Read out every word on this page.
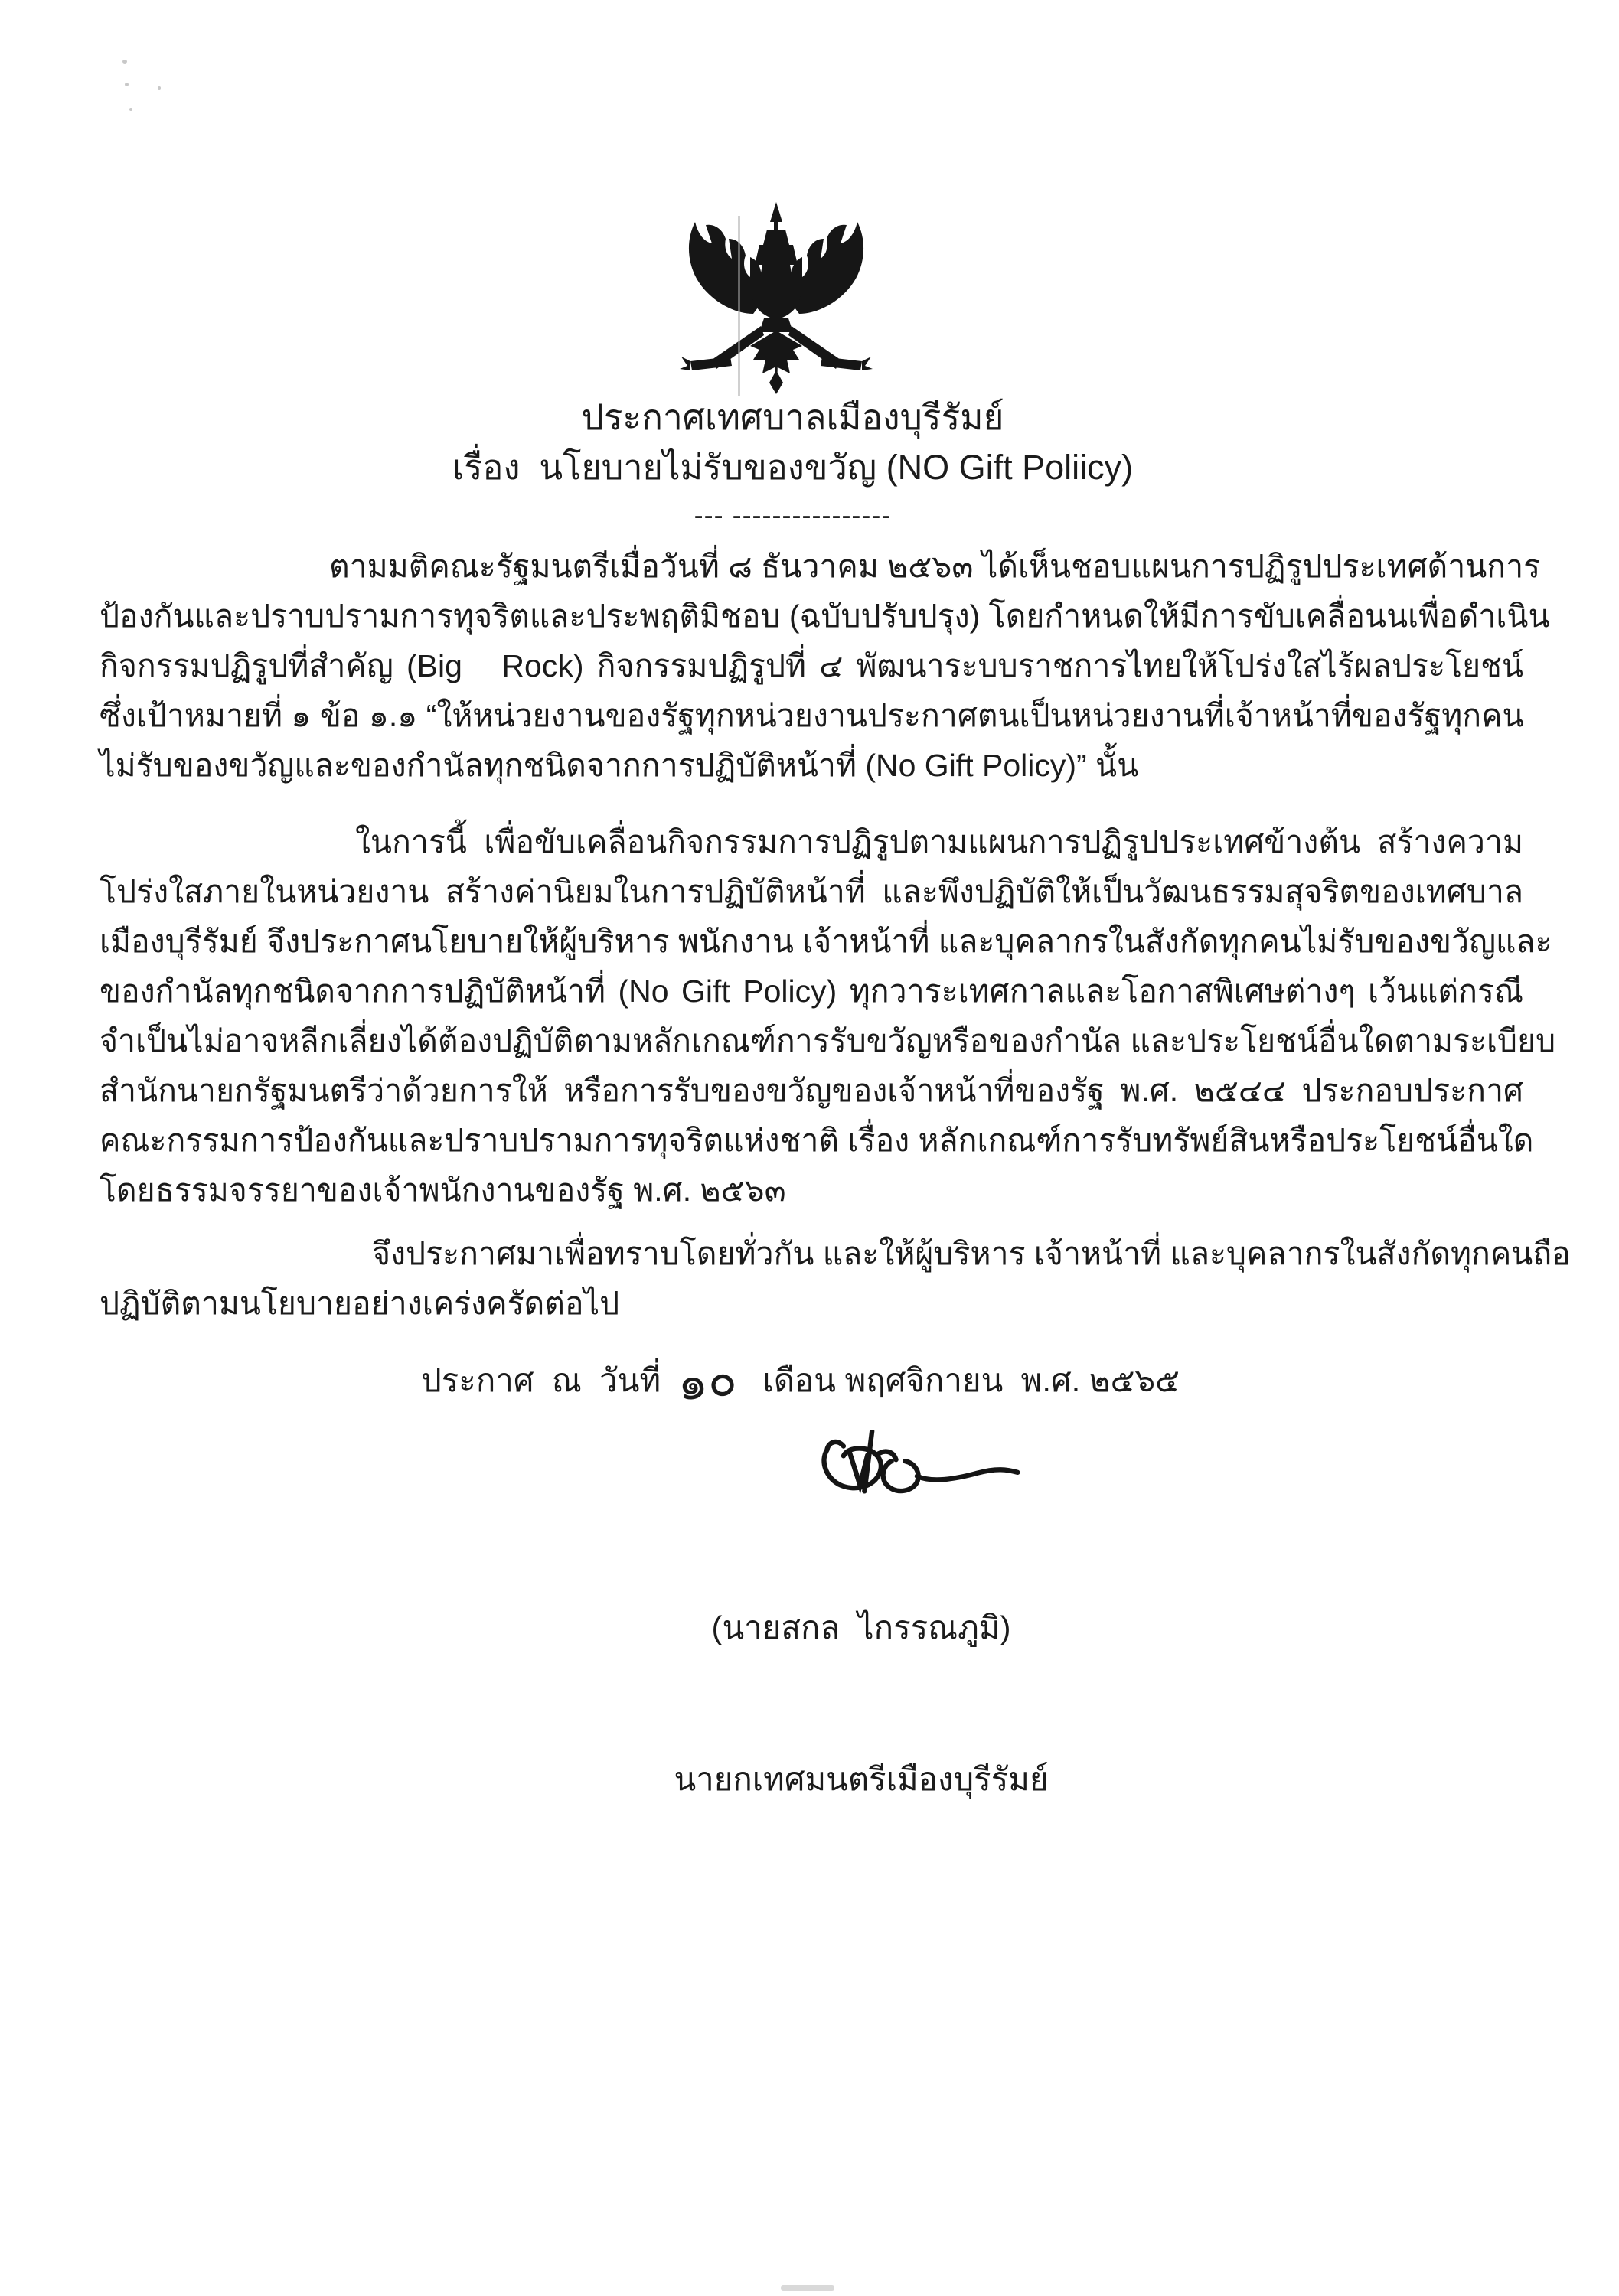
ประกาศเทศบาลเมืองบุรีรัมย์
เรื่อง  นโยบายไม่รับของขวัญ (NO Gift Poliicy)
--- ----------------
ตามมติคณะรัฐมนตรีเมื่อวันที่ ๘ ธันวาคม ๒๕๖๓ ได้เห็นชอบแผนการปฏิรูปประเทศด้านการ
ป้องกันและปราบปรามการทุจริตและประพฤติมิชอบ (ฉบับปรับปรุง) โดยกำหนดให้มีการขับเคลื่อนนเพื่อดำเนิน
กิจกรรมปฏิรูปที่สำคัญ (Big   Rock) กิจกรรมปฏิรูปที่ ๔ พัฒนาระบบราชการไทยให้โปร่งใสไร้ผลประโยชน์
ซึ่งเป้าหมายที่ ๑ ข้อ ๑.๑ “ให้หน่วยงานของรัฐทุกหน่วยงานประกาศตนเป็นหน่วยงานที่เจ้าหน้าที่ของรัฐทุกคน
ไม่รับของขวัญและของกำนัลทุกชนิดจากการปฏิบัติหน้าที่ (No Gift Policy)” นั้น
ในการนี้ เพื่อขับเคลื่อนกิจกรรมการปฏิรูปตามแผนการปฏิรูปประเทศข้างต้น สร้างความ
โปร่งใสภายในหน่วยงาน สร้างค่านิยมในการปฏิบัติหน้าที่ และพึงปฏิบัติให้เป็นวัฒนธรรมสุจริตของเทศบาล
เมืองบุรีรัมย์ จึงประกาศนโยบายให้ผู้บริหาร พนักงาน เจ้าหน้าที่ และบุคลากรในสังกัดทุกคนไม่รับของขวัญและ
ของกำนัลทุกชนิดจากการปฏิบัติหน้าที่ (No Gift Policy) ทุกวาระเทศกาลและโอกาสพิเศษต่างๆ เว้นแต่กรณี
จำเป็นไม่อาจหลีกเลี่ยงได้ต้องปฏิบัติตามหลักเกณฑ์การรับขวัญหรือของกำนัล และประโยชน์อื่นใดตามระเบียบ
สำนักนายกรัฐมนตรีว่าด้วยการให้ หรือการรับของขวัญของเจ้าหน้าที่ของรัฐ พ.ศ. ๒๕๔๔ ประกอบประกาศ
คณะกรรมการป้องกันและปราบปรามการทุจริตแห่งชาติ เรื่อง หลักเกณฑ์การรับทรัพย์สินหรือประโยชน์อื่นใด
โดยธรรมจรรยาของเจ้าพนักงานของรัฐ พ.ศ. ๒๕๖๓
จึงประกาศมาเพื่อทราบโดยทั่วกัน และให้ผู้บริหาร เจ้าหน้าที่ และบุคลากรในสังกัดทุกคนถือ
ปฏิบัติตามนโยบายอย่างเคร่งครัดต่อไป
ประกาศ  ณ  วันที่ ๑๐ เดือน พฤศจิกายน  พ.ศ. ๒๕๖๕

(นายสกล  ไกรรณภูมิ)

นายกเทศมนตรีเมืองบุรีรัมย์
